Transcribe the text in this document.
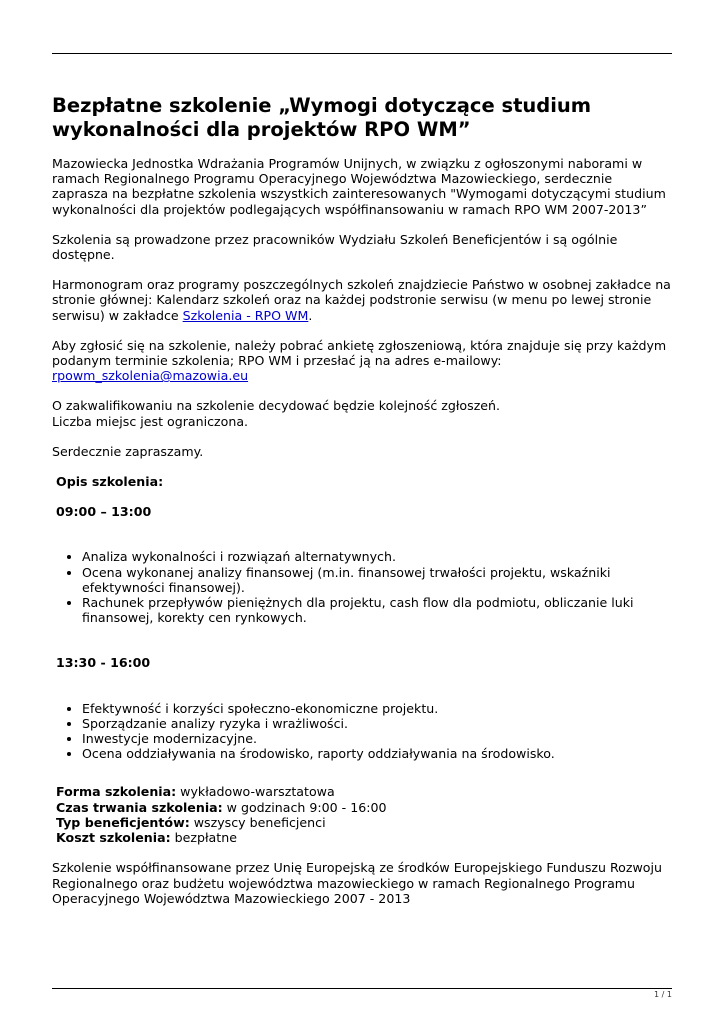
Bezpłatne szkolenie „Wymogi dotyczące studium wykonalności dla projektów RPO WM”

Mazowiecka Jednostka Wdrażania Programów Unijnych, w związku z ogłoszonymi naborami w ramach Regionalnego Programu Operacyjnego Województwa Mazowieckiego, serdecznie zaprasza na bezpłatne szkolenia wszystkich zainteresowanych "Wymogami dotyczącymi studium wykonalności dla projektów podlegających współfinansowaniu w ramach RPO WM 2007-2013”

Szkolenia są prowadzone przez pracowników Wydziału Szkoleń Beneficjentów i są ogólnie dostępne.

Harmonogram oraz programy poszczególnych szkoleń znajdziecie Państwo w osobnej zakładce na stronie głównej: Kalendarz szkoleń oraz na każdej podstronie serwisu (w menu po lewej stronie serwisu) w zakładce Szkolenia - RPO WM.

Aby zgłosić się na szkolenie, należy pobrać ankietę zgłoszeniową, która znajduje się przy każdym podanym terminie szkolenia; RPO WM i przesłać ją na adres e-mailowy:
rpowm_szkolenia@mazowia.eu

O zakwalifikowaniu na szkolenie decydować będzie kolejność zgłoszeń.
Liczba miejsc jest ograniczona.

Serdecznie zapraszamy.

Opis szkolenia:

09:00 – 13:00

• Analiza wykonalności i rozwiązań alternatywnych.
• Ocena wykonanej analizy finansowej (m.in. finansowej trwałości projektu, wskaźniki efektywności finansowej).
• Rachunek przepływów pieniężnych dla projektu, cash flow dla podmiotu, obliczanie luki finansowej, korekty cen rynkowych.

13:30 - 16:00

• Efektywność i korzyści społeczno-ekonomiczne projektu.
• Sporządzanie analizy ryzyka i wrażliwości.
• Inwestycje modernizacyjne.
• Ocena oddziaływania na środowisko, raporty oddziaływania na środowisko.

Forma szkolenia: wykładowo-warsztatowa
Czas trwania szkolenia: w godzinach 9:00 - 16:00
Typ beneficjentów: wszyscy beneficjenci
Koszt szkolenia: bezpłatne

Szkolenie współfinansowane przez Unię Europejską ze środków Europejskiego Funduszu Rozwoju Regionalnego oraz budżetu województwa mazowieckiego w ramach Regionalnego Programu Operacyjnego Województwa Mazowieckiego 2007 - 2013

1 / 1
